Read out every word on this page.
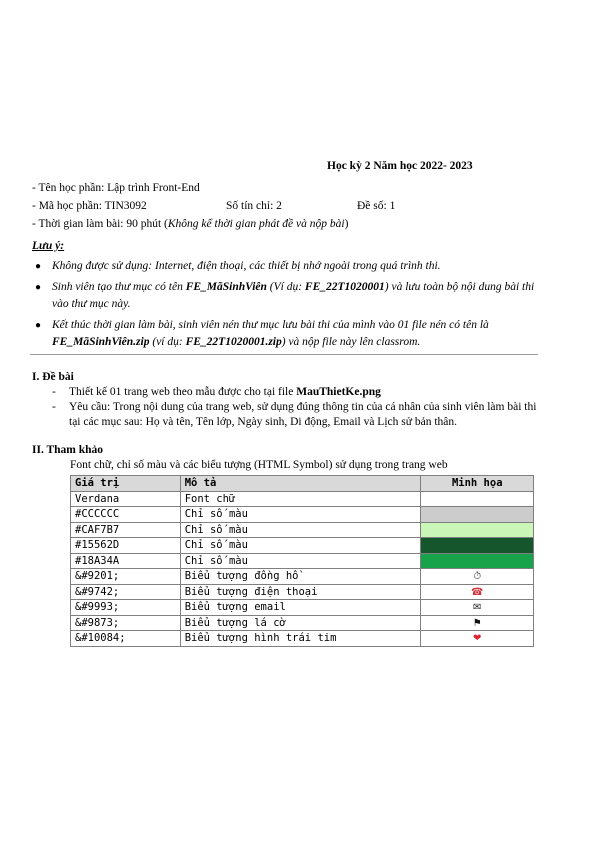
Học kỳ 2 Năm học 2022- 2023
- Tên học phần: Lập trình Front-End
- Mã học phần: TIN3092	Số tín chỉ: 2	Đề số: 1
- Thời gian làm bài: 90 phút (Không kể thời gian phát đề và nộp bài)
Lưu ý:
● Không được sử dụng: Internet, điện thoại, các thiết bị nhớ ngoài trong quá trình thi.
● Sinh viên tạo thư mục có tên FE_MãSinhViên (Ví dụ: FE_22T1020001) và lưu toàn bộ nội dung bài thi vào thư mục này.
● Kết thúc thời gian làm bài, sinh viên nén thư mục lưu bài thi của mình vào 01 file nén có tên là FE_MãSinhViên.zip (ví dụ: FE_22T1020001.zip) và nộp file này lên classrom.
I. Đề bài
- Thiết kế 01 trang web theo mẫu được cho tại file MauThietKe.png
- Yêu cầu: Trong nội dung của trang web, sử dụng đúng thông tin của cá nhân của sinh viên làm bài thi tại các mục sau: Họ và tên, Tên lớp, Ngày sinh, Di động, Email và Lịch sử bản thân.
II. Tham khảo
Font chữ, chỉ số màu và các biểu tượng (HTML Symbol) sử dụng trong trang web
Giá trị	Mô tả	Minh họa
Verdana	Font chữ	
#CCCCCC	Chỉ số màu	
#CAF7B7	Chỉ số màu	
#15562D	Chỉ số màu	
#18A34A	Chỉ số màu	
&#9201;	Biểu tượng đồng hồ	⏱
&#9742;	Biểu tượng điện thoại	☎
&#9993;	Biểu tượng email	✉
&#9873;	Biểu tượng lá cờ	⚑
&#10084;	Biểu tượng hình trái tim	❤
